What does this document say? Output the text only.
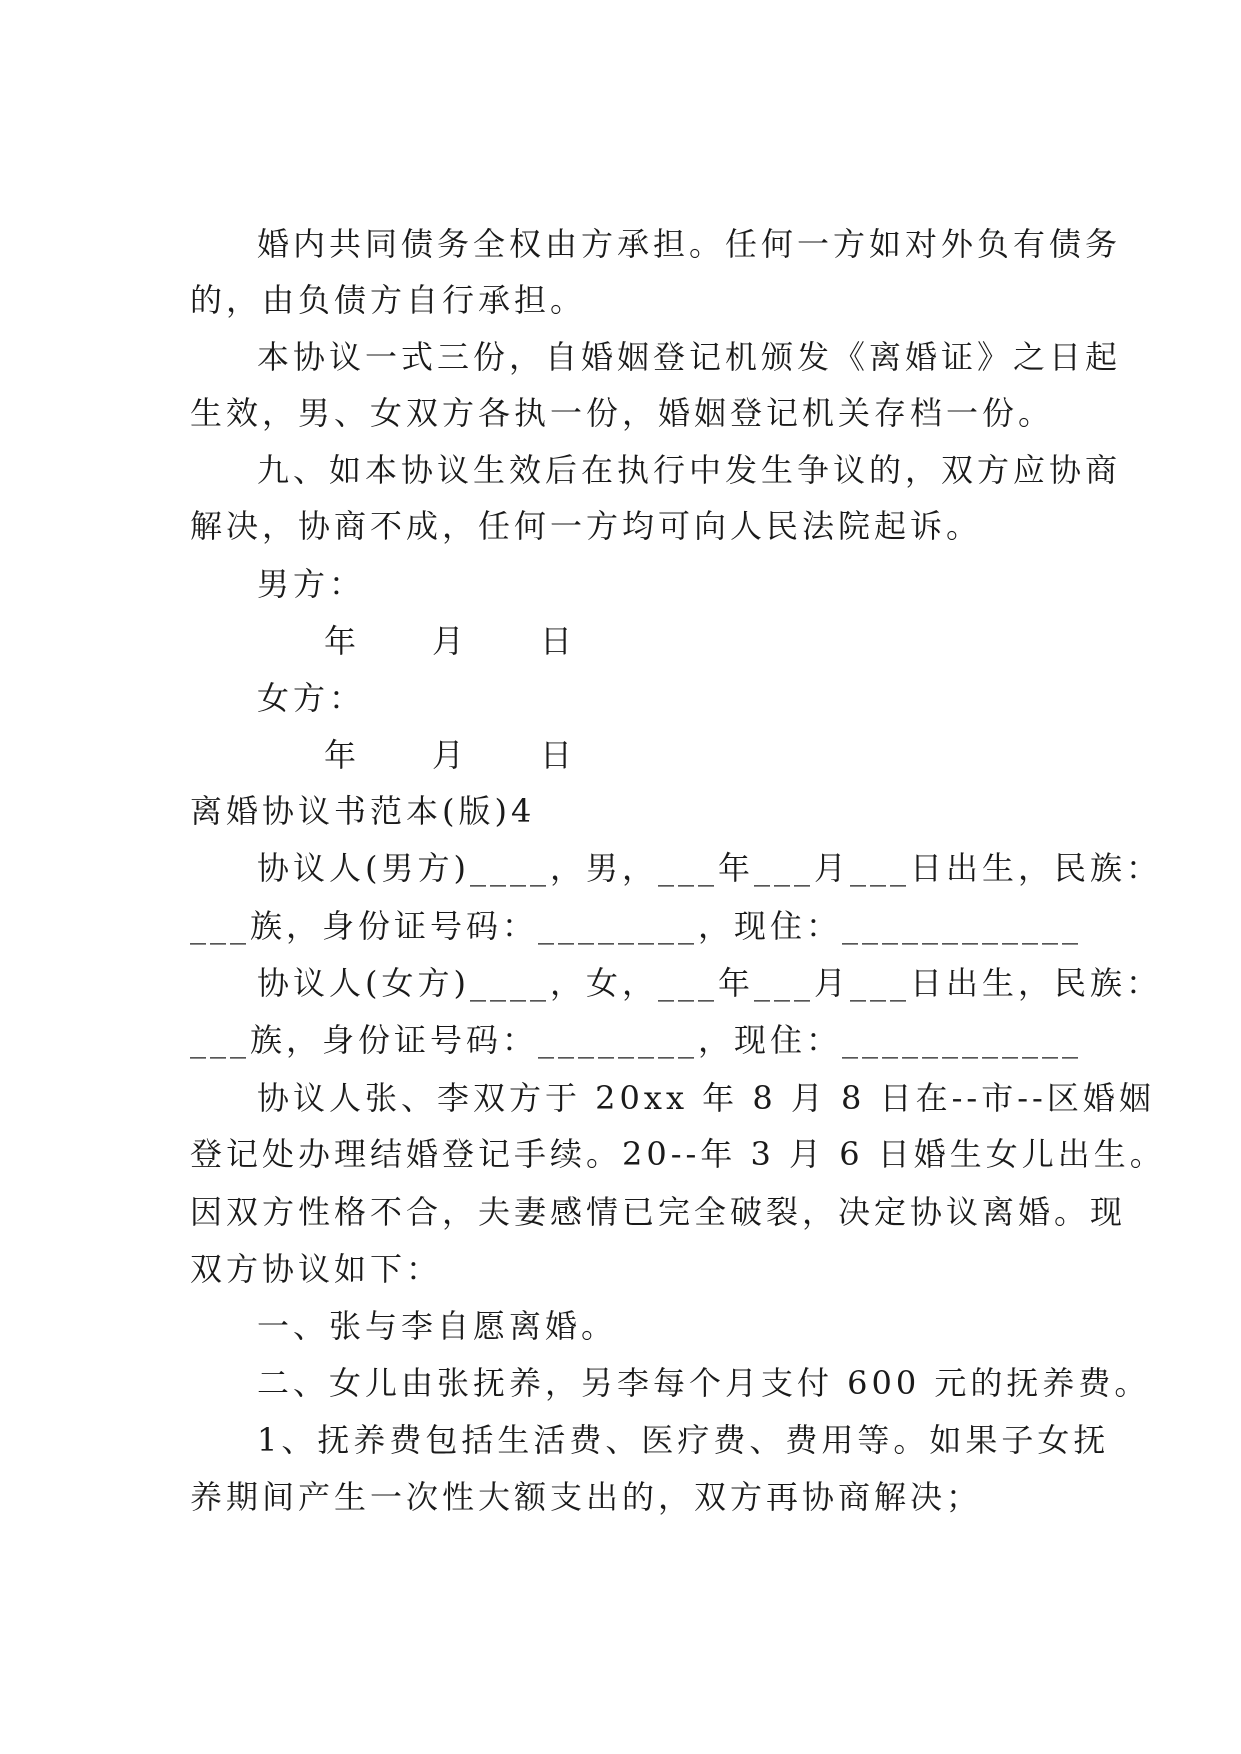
婚内共同债务全权由方承担。任何一方如对外负有债务
的，由负债方自行承担。
本协议一式三份，自婚姻登记机颁发《离婚证》之日起
生效，男、女双方各执一份，婚姻登记机关存档一份。
九、如本协议生效后在执行中发生争议的，双方应协商
解决，协商不成，任何一方均可向人民法院起诉。
男方：
年　　月　　日
女方：
年　　月　　日
离婚协议书范本(版)4
协议人(男方)____，男，___年___月___日出生，民族：
___族，身份证号码：________，现住：____________
协议人(女方)____，女，___年___月___日出生，民族：
___族，身份证号码：________，现住：____________
协议人张、李双方于 20xx 年 8 月 8 日在--市--区婚姻
登记处办理结婚登记手续。20--年 3 月 6 日婚生女儿出生。
因双方性格不合，夫妻感情已完全破裂，决定协议离婚。现
双方协议如下：
一、张与李自愿离婚。
二、女儿由张抚养，另李每个月支付 600 元的抚养费。
1、抚养费包括生活费、医疗费、费用等。如果子女抚
养期间产生一次性大额支出的，双方再协商解决；
